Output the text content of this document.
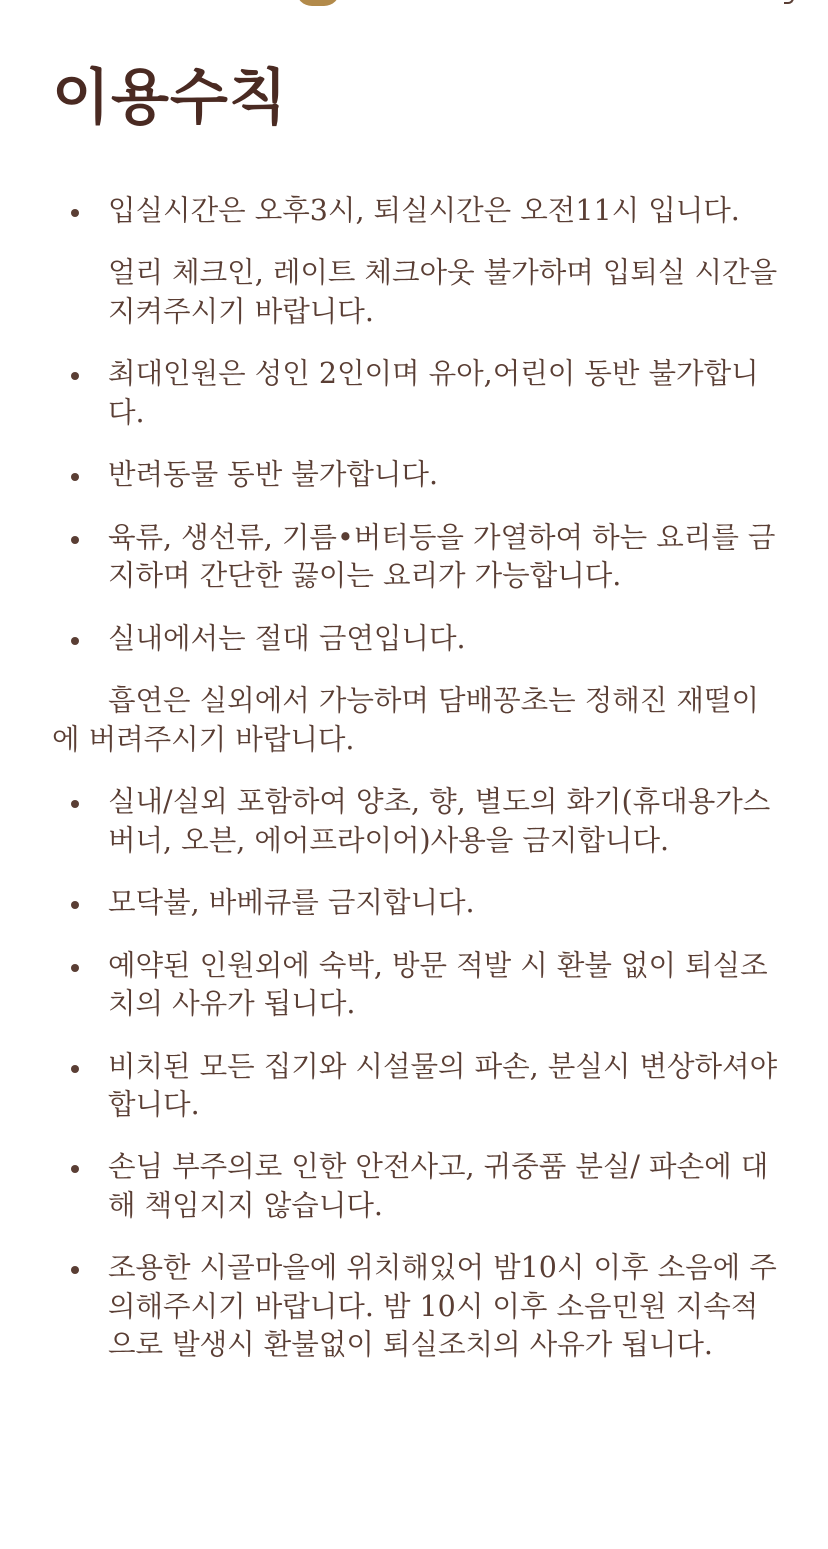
이용수칙
입실시간은 오후3시, 퇴실시간은 오전11시 입니다.
얼리 체크인, 레이트 체크아웃 불가하며 입퇴실 시간을 지켜주시기 바랍니다.
최대인원은 성인 2인이며 유아,어린이 동반 불가합니다.
반려동물 동반 불가합니다.
육류, 생선류, 기름•버터등을 가열하여 하는 요리를 금지하며 간단한 끓이는 요리가 가능합니다.
실내에서는 절대 금연입니다.
흡연은 실외에서 가능하며 담배꽁초는 정해진 재떨이에 버려주시기 바랍니다.
실내/실외 포함하여 양초, 향, 별도의 화기(휴대용가스버너, 오븐, 에어프라이어)사용을 금지합니다.
모닥불, 바베큐를 금지합니다.
예약된 인원외에 숙박, 방문 적발 시 환불 없이 퇴실조치의 사유가 됩니다.
비치된 모든 집기와 시설물의 파손, 분실시 변상하셔야 합니다.
손님 부주의로 인한 안전사고, 귀중품 분실/ 파손에 대해 책임지지 않습니다.
조용한 시골마을에 위치해있어 밤10시 이후 소음에 주의해주시기 바랍니다. 밤 10시 이후 소음민원 지속적으로 발생시 환불없이 퇴실조치의 사유가 됩니다.
